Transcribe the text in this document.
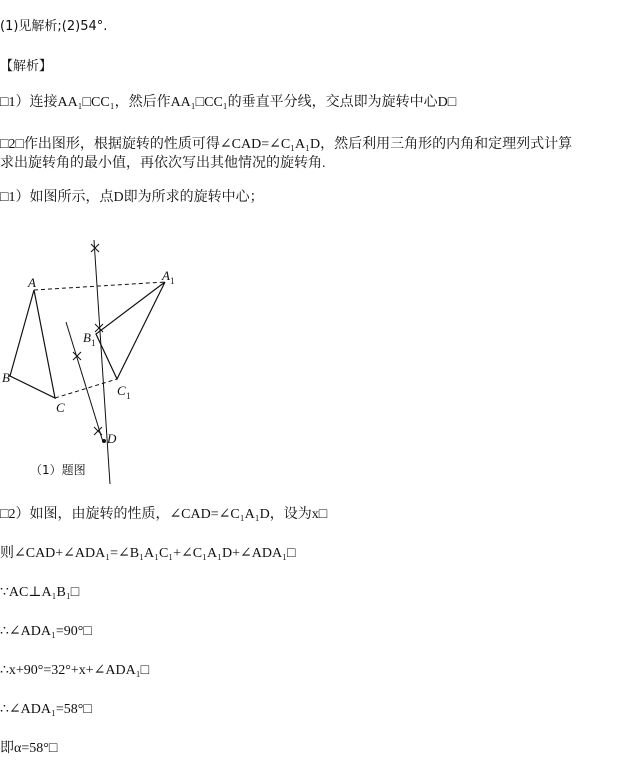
(1)见解析;(2)54°.
【解析】
□1）连接AA₁□CC₁，然后作AA₁□CC₁的垂直平分线，交点即为旋转中心D□
□2□作出图形，根据旋转的性质可得∠CAD=∠C₁A₁D，然后利用三角形的内角和定理列式计算
求出旋转角的最小值，再依次写出其他情况的旋转角.
□1）如图所示，点D即为所求的旋转中心；
A	A 1
B
B 1
C
C 1
D
（1）题图
□2）如图，由旋转的性质，∠CAD=∠C₁A₁D，设为x□
则∠CAD+∠ADA₁=∠B₁A₁C₁+∠C₁A₁D+∠ADA₁□
∵AC⊥A₁B₁□
∴∠ADA₁=90°□
∴x+90°=32°+x+∠ADA₁□
∴∠ADA₁=58°□
即α=58°□
